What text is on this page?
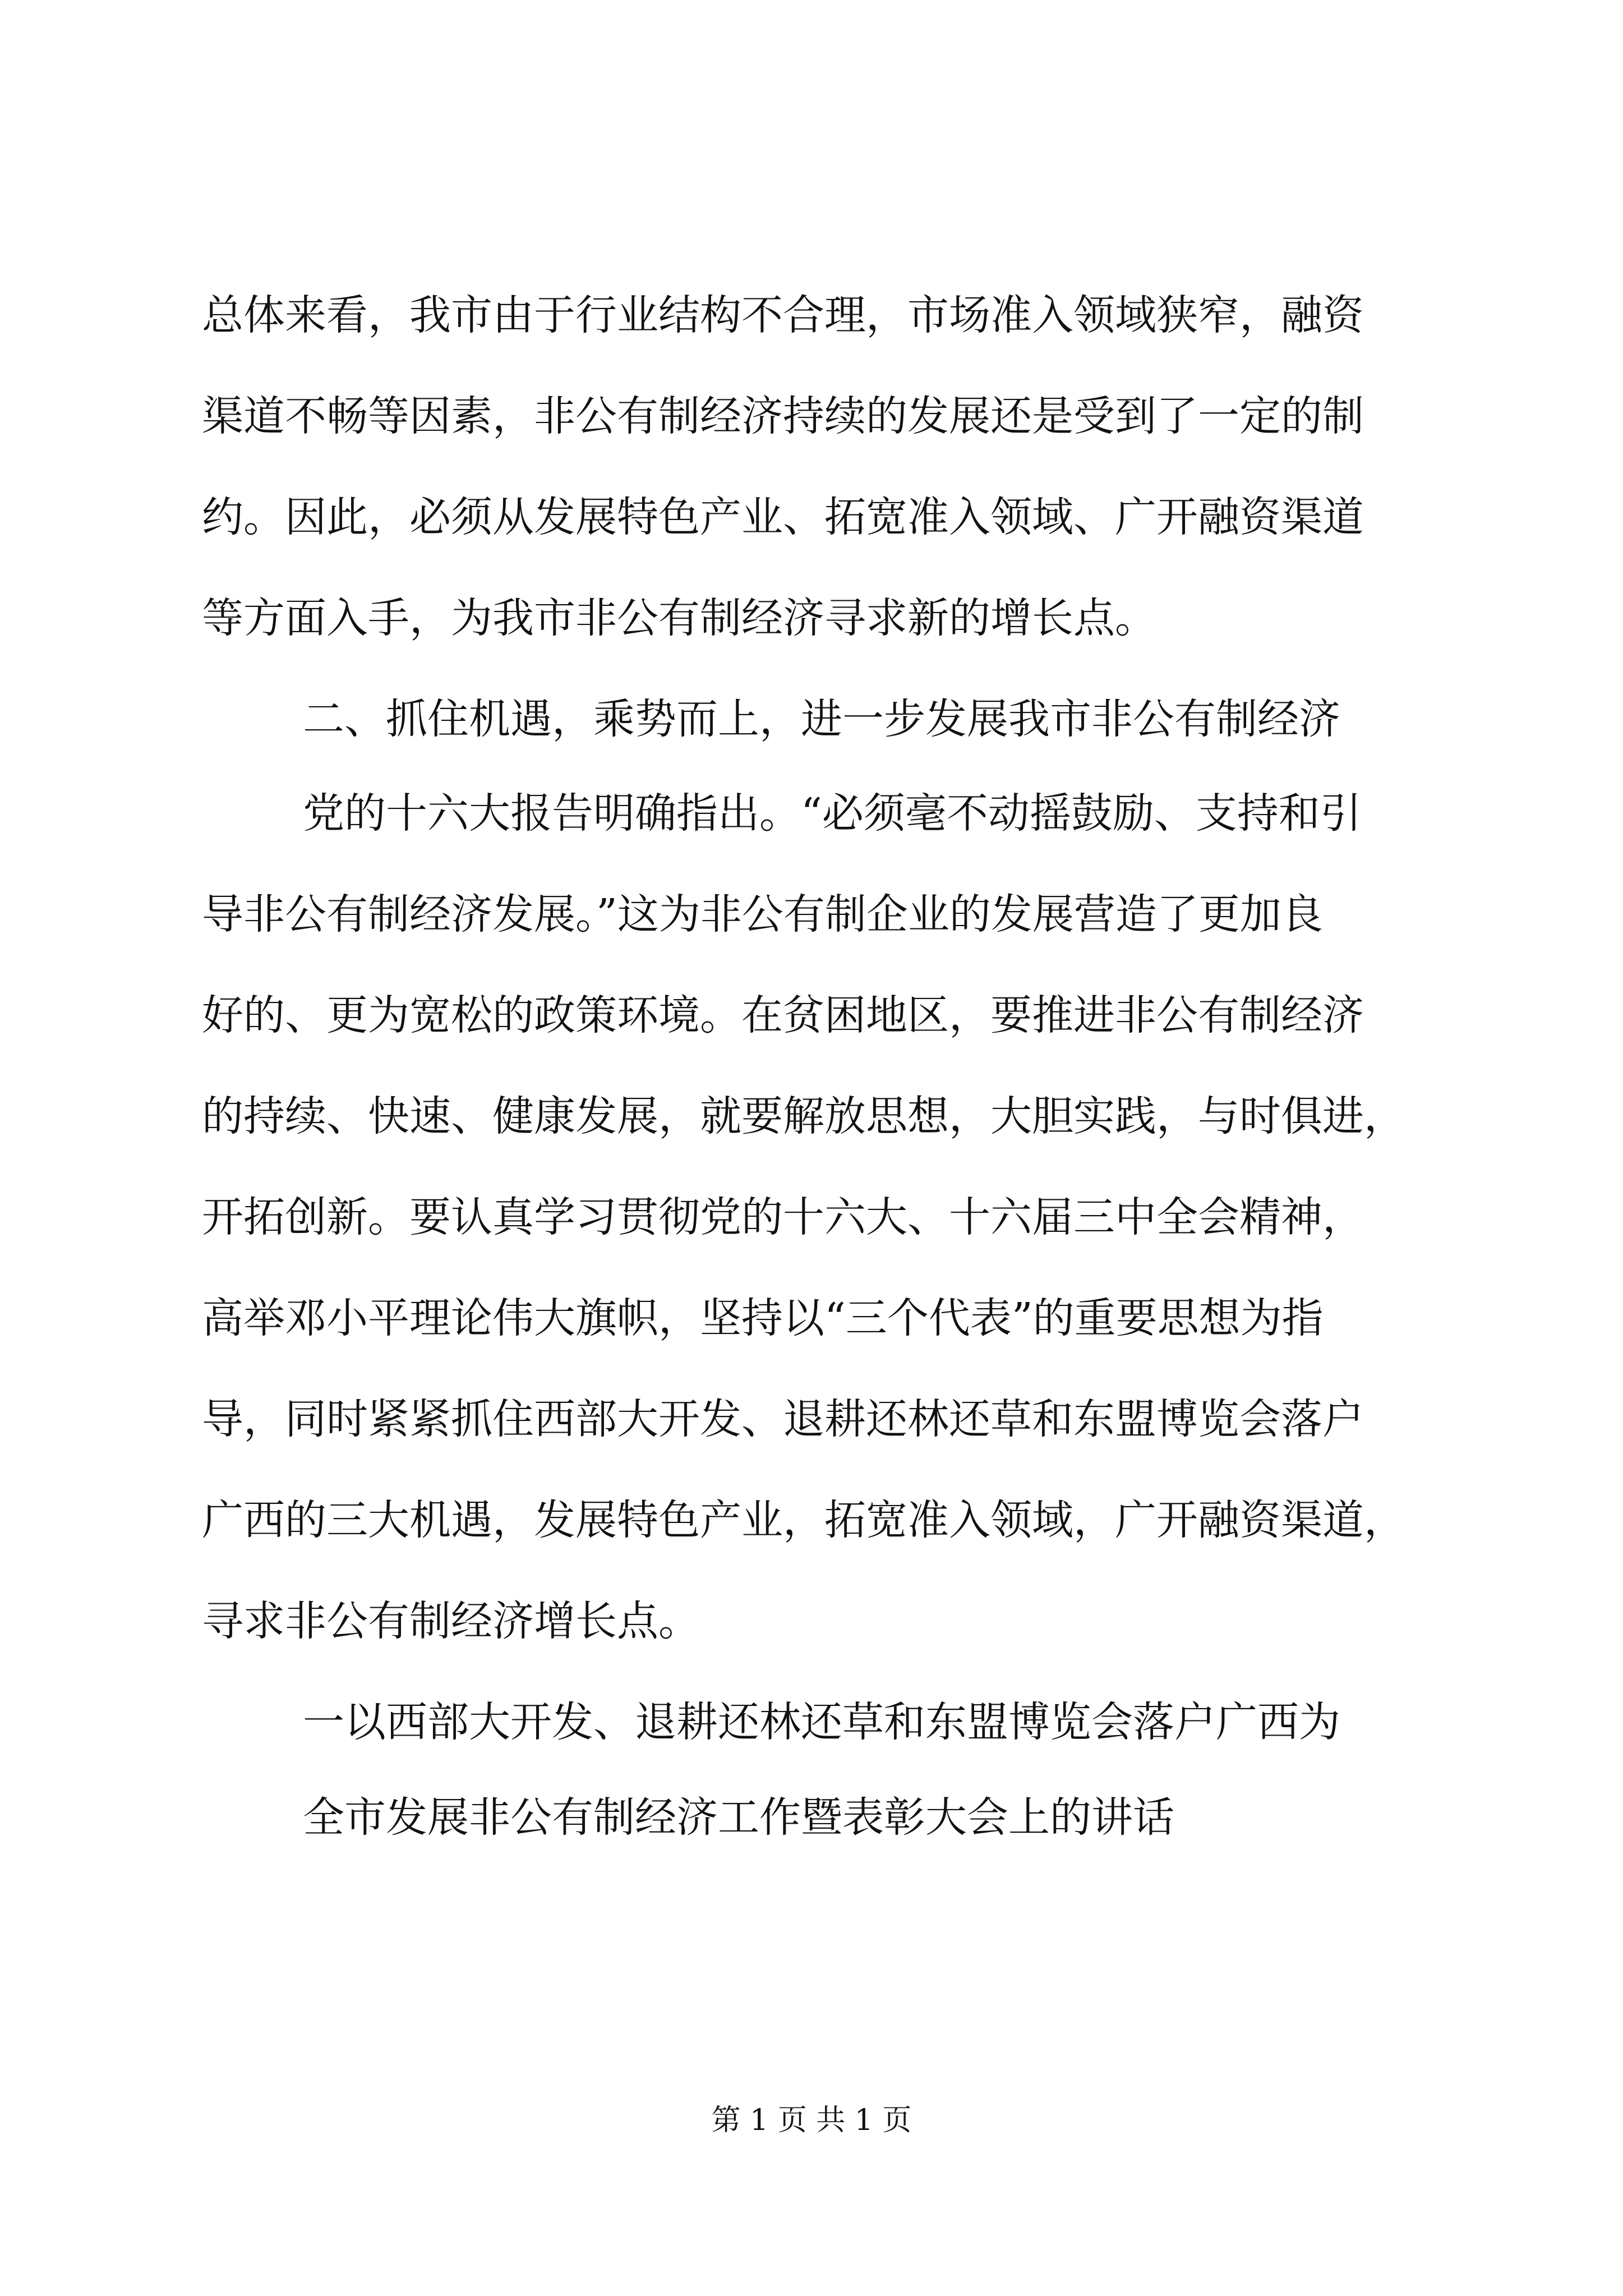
总体来看，我市由于行业结构不合理，市场准入领域狭窄，融资
渠道不畅等因素，非公有制经济持续的发展还是受到了一定的制
约。因此，必须从发展特色产业、拓宽准入领域、广开融资渠道
等方面入手，为我市非公有制经济寻求新的增长点。
二、抓住机遇，乘势而上，进一步发展我市非公有制经济
党的十六大报告明确指出。“必须毫不动摇鼓励、支持和引
导非公有制经济发展。”这为非公有制企业的发展营造了更加良
好的、更为宽松的政策环境。在贫困地区，要推进非公有制经济
的持续、快速、健康发展，就要解放思想，大胆实践，与时俱进，
开拓创新。要认真学习贯彻党的十六大、十六届三中全会精神，
高举邓小平理论伟大旗帜，坚持以“三个代表”的重要思想为指
导，同时紧紧抓住西部大开发、退耕还林还草和东盟博览会落户
广西的三大机遇，发展特色产业，拓宽准入领域，广开融资渠道，
寻求非公有制经济增长点。
一以西部大开发、退耕还林还草和东盟博览会落户广西为
全市发展非公有制经济工作暨表彰大会上的讲话
第 1 页 共 1 页
